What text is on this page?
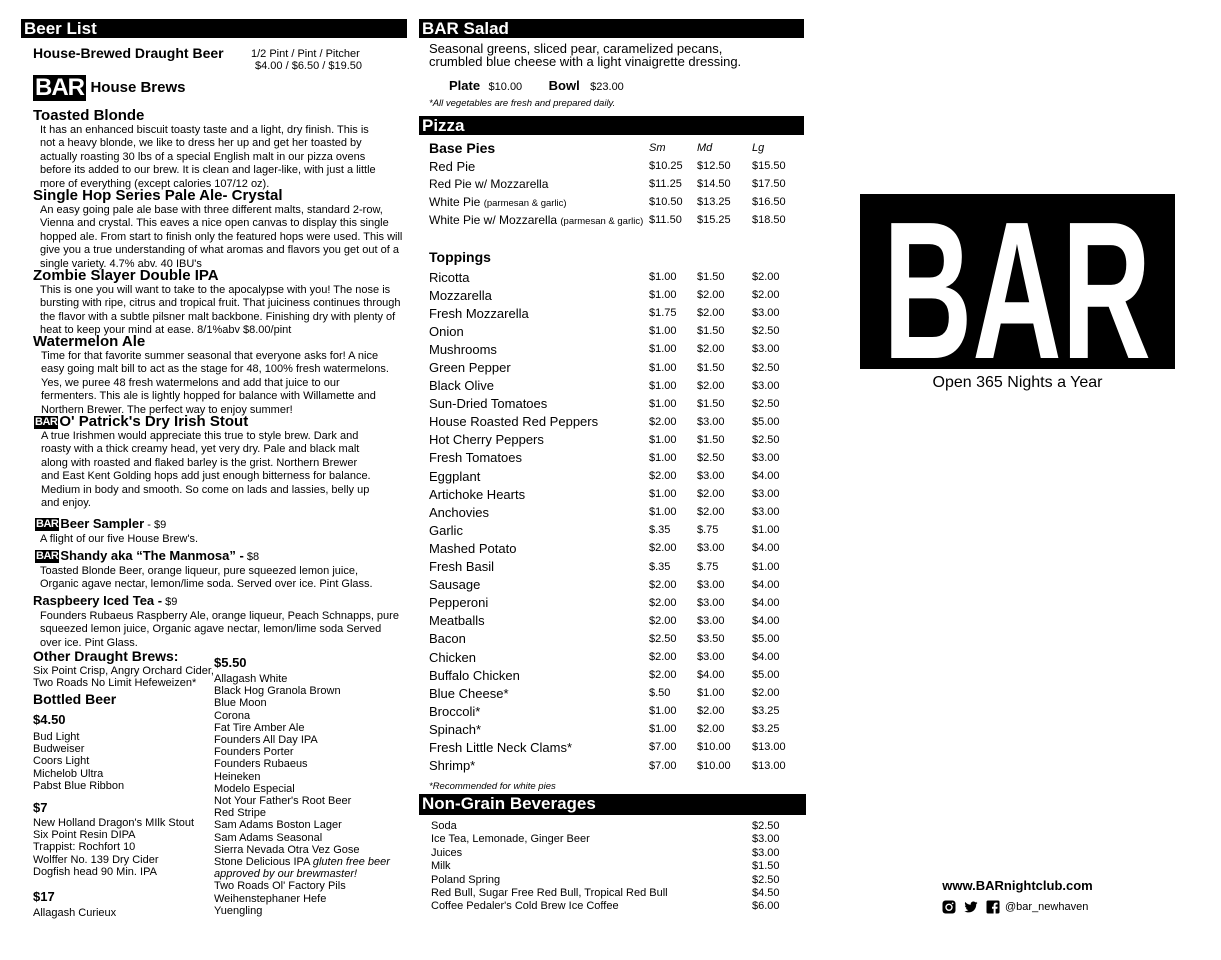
Beer List
House-Brewed Draught Beer 1/2 Pint / Pint / Pitcher
$4.00 / $6.50 / $19.50
BAR House Brews
Toasted Blonde
It has an enhanced biscuit toasty taste and a light, dry finish. This is
not a heavy blonde, we like to dress her up and get her toasted by
actually roasting 30 lbs of a special English malt in our pizza ovens
before its added to our brew. It is clean and lager-like, with just a little
more of everything (except calories 107/12 oz).
Single Hop Series Pale Ale- Crystal
An easy going pale ale base with three different malts, standard 2-row,
Vienna and crystal. This eaves a nice open canvas to display this single
hopped ale. From start to finish only the featured hops were used. This will
give you a true understanding of what aromas and flavors you get out of a
single variety. 4.7% abv. 40 IBU's
Zombie Slayer Double IPA
This is one you will want to take to the apocalypse with you! The nose is
bursting with ripe, citrus and tropical fruit. That juiciness continues through
the flavor with a subtle pilsner malt backbone. Finishing dry with plenty of
heat to keep your mind at ease. 8/1%abv $8.00/pint
Watermelon Ale
Time for that favorite summer seasonal that everyone asks for! A nice
easy going malt bill to act as the stage for 48, 100% fresh watermelons.
Yes, we puree 48 fresh watermelons and add that juice to our
fermenters. This ale is lightly hopped for balance with Willamette and
Northern Brewer. The perfect way to enjoy summer!
BAR O' Patrick's Dry Irish Stout
A true Irishmen would appreciate this true to style brew. Dark and
roasty with a thick creamy head, yet very dry. Pale and black malt
along with roasted and flaked barley is the grist. Northern Brewer
and East Kent Golding hops add just enough bitterness for balance.
Medium in body and smooth. So come on lads and lassies, belly up
and enjoy.
BAR Beer Sampler - $9
A flight of our five House Brew's.
BAR Shandy aka “The Manmosa” - $8
Toasted Blonde Beer, orange liqueur, pure squeezed lemon juice,
Organic agave nectar, lemon/lime soda. Served over ice. Pint Glass.
Raspbeery Iced Tea - $9
Founders Rubaeus Raspberry Ale, orange liqueur, Peach Schnapps, pure
squeezed lemon juice, Organic agave nectar, lemon/lime soda Served
over ice. Pint Glass.
Other Draught Brews:
Six Point Crisp, Angry Orchard Cider,
Two Roads No Limit Hefeweizen*
Bottled Beer
$4.50
Bud Light
Budweiser
Coors Light
Michelob Ultra
Pabst Blue Ribbon
$7
New Holland Dragon's MIlk Stout
Six Point Resin DIPA
Trappist: Rochfort 10
Wolffer No. 139 Dry Cider
Dogfish head 90 Min. IPA
$17
Allagash Curieux
$5.50
Allagash White
Black Hog Granola Brown
Blue Moon
Corona
Fat Tire Amber Ale
Founders All Day IPA
Founders Porter
Founders Rubaeus
Heineken
Modelo Especial
Not Your Father's Root Beer
Red Stripe
Sam Adams Boston Lager
Sam Adams Seasonal
Sierra Nevada Otra Vez Gose
Stone Delicious IPA gluten free beer
approved by our brewmaster!
Two Roads Ol' Factory Pils
Weihenstephaner Hefe
Yuengling
BAR Salad
Seasonal greens, sliced pear, caramelized pecans,
crumbled blue cheese with a light vinaigrette dressing.
Plate $10.00 Bowl $23.00
*All vegetables are fresh and prepared daily.
Pizza
Base Pies	Sm	Md	Lg
Red Pie	$10.25	$12.50	$15.50
Red Pie w/ Mozzarella	$11.25	$14.50	$17.50
White Pie (parmesan & garlic)	$10.50	$13.25	$16.50
White Pie w/ Mozzarella (parmesan & garlic)	$11.50	$15.25	$18.50
Toppings
Ricotta	$1.00	$1.50	$2.00
Mozzarella	$1.00	$2.00	$2.00
Fresh Mozzarella	$1.75	$2.00	$3.00
Onion	$1.00	$1.50	$2.50
Mushrooms	$1.00	$2.00	$3.00
Green Pepper	$1.00	$1.50	$2.50
Black Olive	$1.00	$2.00	$3.00
Sun-Dried Tomatoes	$1.00	$1.50	$2.50
House Roasted Red Peppers	$2.00	$3.00	$5.00
Hot Cherry Peppers	$1.00	$1.50	$2.50
Fresh Tomatoes	$1.00	$2.50	$3.00
Eggplant	$2.00	$3.00	$4.00
Artichoke Hearts	$1.00	$2.00	$3.00
Anchovies	$1.00	$2.00	$3.00
Garlic	$.35	$.75	$1.00
Mashed Potato	$2.00	$3.00	$4.00
Fresh Basil	$.35	$.75	$1.00
Sausage	$2.00	$3.00	$4.00
Pepperoni	$2.00	$3.00	$4.00
Meatballs	$2.00	$3.00	$4.00
Bacon	$2.50	$3.50	$5.00
Chicken	$2.00	$3.00	$4.00
Buffalo Chicken	$2.00	$4.00	$5.00
Blue Cheese*	$.50	$1.00	$2.00
Broccoli*	$1.00	$2.00	$3.25
Spinach*	$1.00	$2.00	$3.25
Fresh Little Neck Clams*	$7.00	$10.00	$13.00
Shrimp*	$7.00	$10.00	$13.00
*Recommended for white pies
Non-Grain Beverages
Soda	$2.50
Ice Tea, Lemonade, Ginger Beer	$3.00
Juices	$3.00
Milk	$1.50
Poland Spring	$2.50
Red Bull, Sugar Free Red Bull, Tropical Red Bull	$4.50
Coffee Pedaler's Cold Brew Ice Coffee	$6.00
BAR
Open 365 Nights a Year
www.BARnightclub.com
@bar_newhaven
